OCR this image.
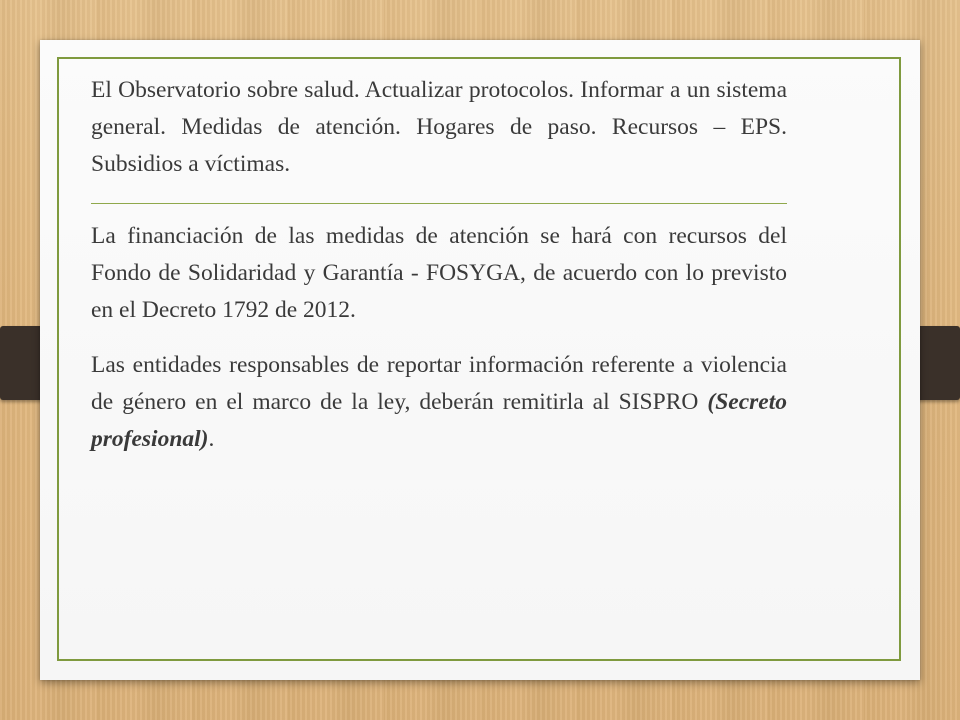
El Observatorio sobre salud. Actualizar protocolos. Informar a un sistema general. Medidas de atención. Hogares de paso. Recursos – EPS. Subsidios a víctimas.

La financiación de las medidas de atención se hará con recursos del Fondo de Solidaridad y Garantía - FOSYGA, de acuerdo con lo previsto en el Decreto 1792 de 2012.

Las entidades responsables de reportar información referente a violencia de género en el marco de la ley, deberán remitirla al SISPRO (Secreto profesional).
